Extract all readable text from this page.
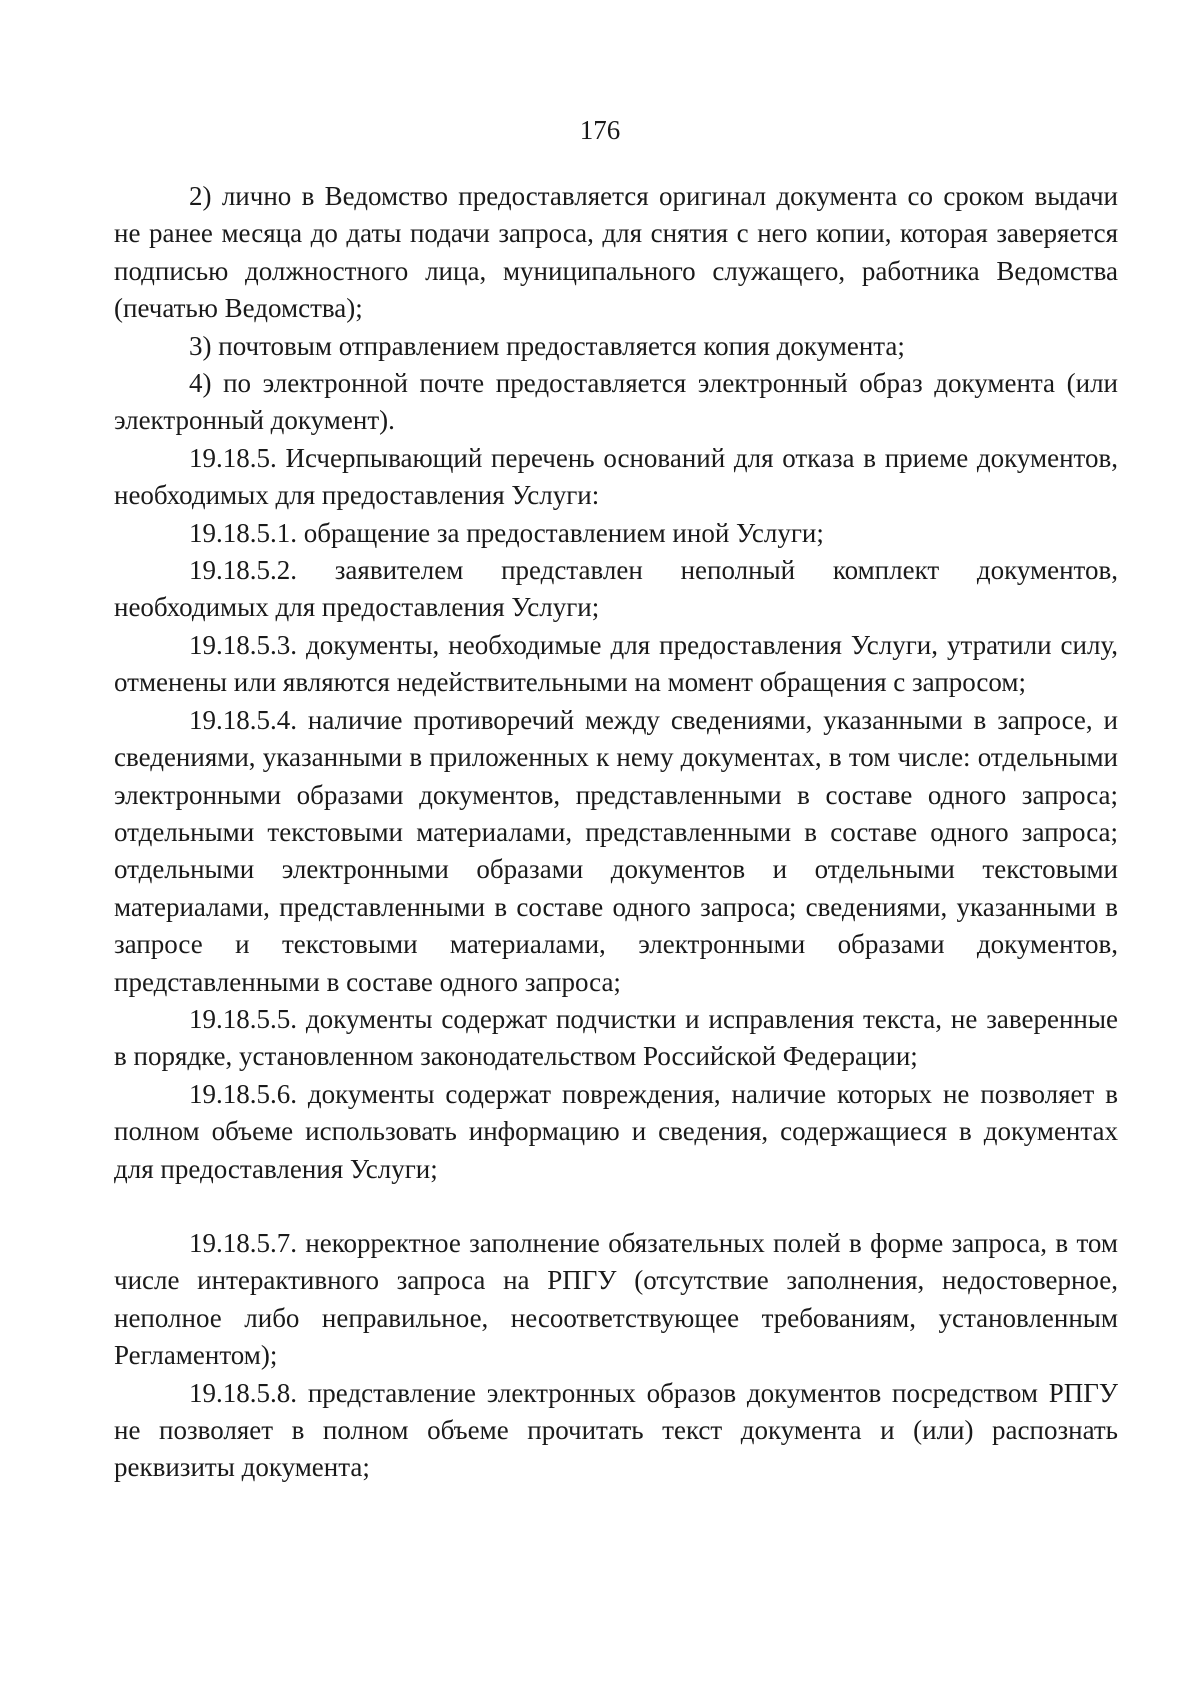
176

2) лично в Ведомство предоставляется оригинал документа со сроком выдачи не ранее месяца до даты подачи запроса, для снятия с него копии, которая заверяется подписью должностного лица, муниципального служащего, работника Ведомства (печатью Ведомства);

3) почтовым отправлением предоставляется копия документа;

4) по электронной почте предоставляется электронный образ документа (или электронный документ).

19.18.5. Исчерпывающий перечень оснований для отказа в приеме документов, необходимых для предоставления Услуги:

19.18.5.1. обращение за предоставлением иной Услуги;

19.18.5.2. заявителем представлен неполный комплект документов, необходимых для предоставления Услуги;

19.18.5.3. документы, необходимые для предоставления Услуги, утратили силу, отменены или являются недействительными на момент обращения с запросом;

19.18.5.4. наличие противоречий между сведениями, указанными в запросе, и сведениями, указанными в приложенных к нему документах, в том числе: отдельными электронными образами документов, представленными в составе одного запроса; отдельными текстовыми материалами, представленными в составе одного запроса; отдельными электронными образами документов и отдельными текстовыми материалами, представленными в составе одного запроса; сведениями, указанными в запросе и текстовыми материалами, электронными образами документов, представленными в составе одного запроса;

19.18.5.5. документы содержат подчистки и исправления текста, не заверенные в порядке, установленном законодательством Российской Федерации;

19.18.5.6. документы содержат повреждения, наличие которых не позволяет в полном объеме использовать информацию и сведения, содержащиеся в документах для предоставления Услуги;

19.18.5.7. некорректное заполнение обязательных полей в форме запроса, в том числе интерактивного запроса на РПГУ (отсутствие заполнения, недостоверное, неполное либо неправильное, несоответствующее требованиям, установленным Регламентом);

19.18.5.8. представление электронных образов документов посредством РПГУ не позволяет в полном объеме прочитать текст документа и (или) распознать реквизиты документа;
